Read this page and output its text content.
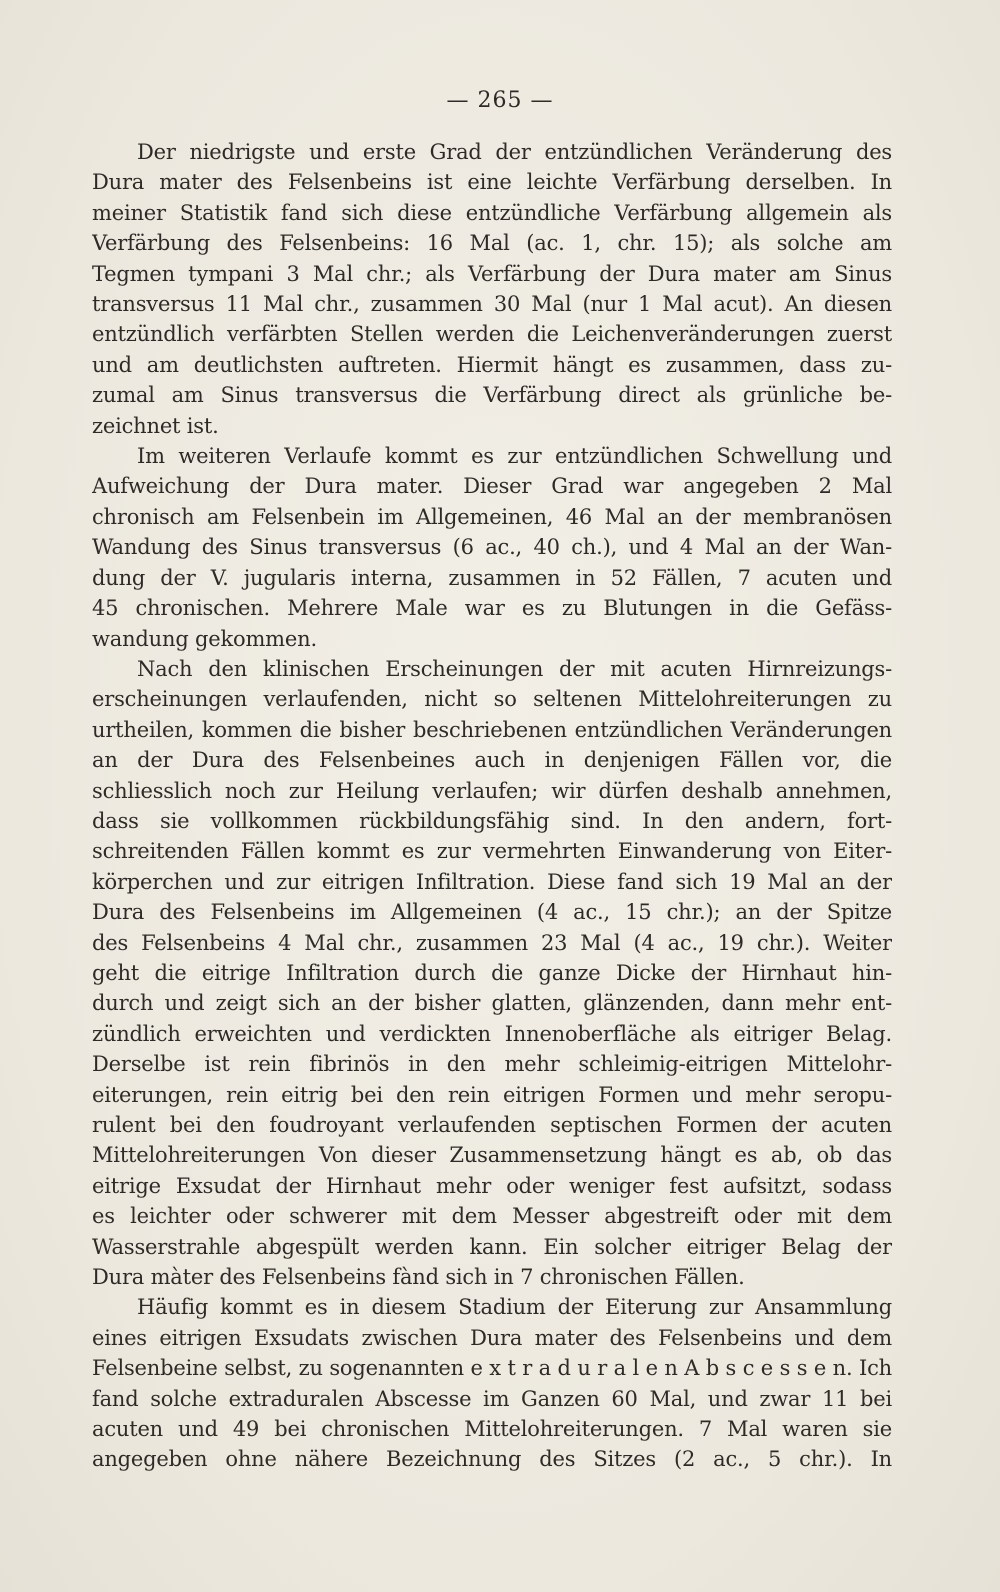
— 265 —
Der niedrigste und erste Grad der entzündlichen Veränderung des
Dura mater des Felsenbeins ist eine leichte Verfärbung derselben. In
meiner Statistik fand sich diese entzündliche Verfärbung allgemein als
Verfärbung des Felsenbeins: 16 Mal (ac. 1, chr. 15); als solche am
Tegmen tympani 3 Mal chr.; als Verfärbung der Dura mater am Sinus
transversus 11 Mal chr., zusammen 30 Mal (nur 1 Mal acut). An diesen
entzündlich verfärbten Stellen werden die Leichenveränderungen zuerst
und am deutlichsten auftreten. Hiermit hängt es zusammen, dass zu-
zumal am Sinus transversus die Verfärbung direct als grünliche be-
zeichnet ist.
Im weiteren Verlaufe kommt es zur entzündlichen Schwellung und
Aufweichung der Dura mater. Dieser Grad war angegeben 2 Mal
chronisch am Felsenbein im Allgemeinen, 46 Mal an der membranösen
Wandung des Sinus transversus (6 ac., 40 ch.), und 4 Mal an der Wan-
dung der V. jugularis interna, zusammen in 52 Fällen, 7 acuten und
45 chronischen. Mehrere Male war es zu Blutungen in die Gefäss-
wandung gekommen.
Nach den klinischen Erscheinungen der mit acuten Hirnreizungs-
erscheinungen verlaufenden, nicht so seltenen Mittelohreiterungen zu
urtheilen, kommen die bisher beschriebenen entzündlichen Veränderungen
an der Dura des Felsenbeines auch in denjenigen Fällen vor, die
schliesslich noch zur Heilung verlaufen; wir dürfen deshalb annehmen,
dass sie vollkommen rückbildungsfähig sind. In den andern, fort-
schreitenden Fällen kommt es zur vermehrten Einwanderung von Eiter-
körperchen und zur eitrigen Infiltration. Diese fand sich 19 Mal an der
Dura des Felsenbeins im Allgemeinen (4 ac., 15 chr.); an der Spitze
des Felsenbeins 4 Mal chr., zusammen 23 Mal (4 ac., 19 chr.). Weiter
geht die eitrige Infiltration durch die ganze Dicke der Hirnhaut hin-
durch und zeigt sich an der bisher glatten, glänzenden, dann mehr ent-
zündlich erweichten und verdickten Innenoberfläche als eitriger Belag.
Derselbe ist rein fibrinös in den mehr schleimig-eitrigen Mittelohr-
eiterungen, rein eitrig bei den rein eitrigen Formen und mehr seropu-
rulent bei den foudroyant verlaufenden septischen Formen der acuten
Mittelohreiterungen Von dieser Zusammensetzung hängt es ab, ob das
eitrige Exsudat der Hirnhaut mehr oder weniger fest aufsitzt, sodass
es leichter oder schwerer mit dem Messer abgestreift oder mit dem
Wasserstrahle abgespült werden kann. Ein solcher eitriger Belag der
Dura màter des Felsenbeins fànd sich in 7 chronischen Fällen.
Häufig kommt es in diesem Stadium der Eiterung zur Ansammlung
eines eitrigen Exsudats zwischen Dura mater des Felsenbeins und dem
Felsenbeine selbst, zu sogenannten e x t r a d u r a l e n A b s c e s s e n. Ich
fand solche extraduralen Abscesse im Ganzen 60 Mal, und zwar 11 bei
acuten und 49 bei chronischen Mittelohreiterungen. 7 Mal waren sie
angegeben ohne nähere Bezeichnung des Sitzes (2 ac., 5 chr.). In
